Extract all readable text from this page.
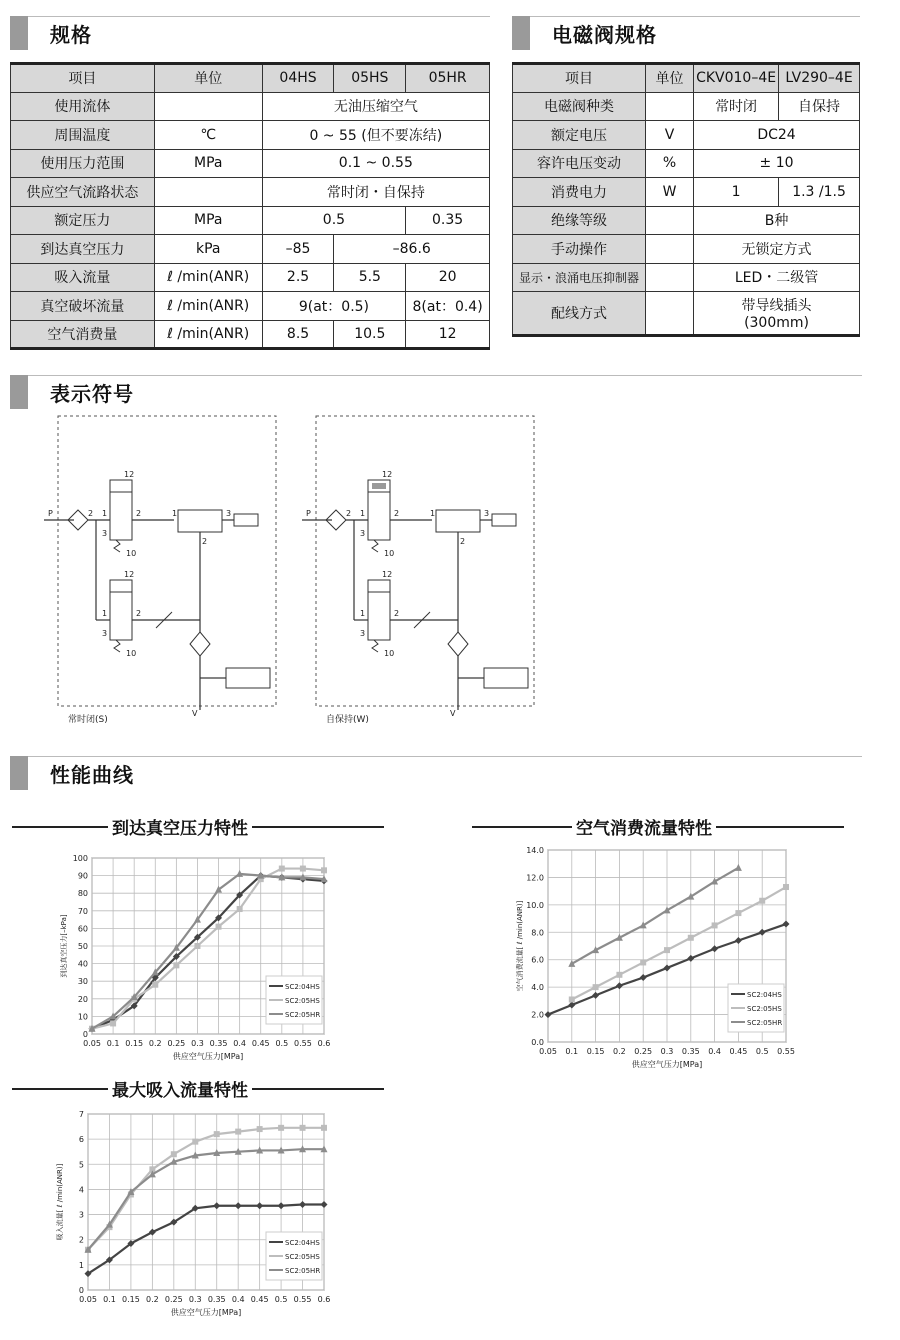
规格
项目	单位	04HS	05HS	05HR
使用流体		无油压缩空气		
周围温度	℃	0 ~ 55 (但不要冻结)		
使用压力范围	MPa	0.1 ~ 0.55		
供应空气流路状态		常时闭・自保持		
额定压力	MPa	0.5		0.35
到达真空压力	kPa	–85	–86.6	
吸入流量	ℓ /min(ANR)	2.5	5.5	20
真空破坏流量	ℓ /min(ANR)	9(at：0.5)		8(at：0.4)
空气消费量	ℓ /min(ANR)	8.5	10.5	12
电磁阀规格
项目	单位	CKV010–4E	LV290–4E
电磁阀种类		常时闭	自保持
额定电压	V	DC24	
容许电压变动	%	± 10	
消费电力	W	1	1.3 /1.5
绝缘等级		B种	
手动操作		无锁定方式	
显示・浪涌电压抑制器		LED・二级管	
配线方式		带导线插头
(300mm)	
表示符号
P
12
1
2
3
10
2	1	3
2
12
1
3
10
2
V
常时闭(S)
P
12
1
2
3
10
2	1	3
2
12
1
3
10
2
V
自保持(W)
性能曲线
到达真空压力特性	空气消费流量特性
最大吸入流量特性
0.05 0.1 0.15 0.2 0.25 0.3 0.35 0.4 0.45 0.5 0.55 0.6
0
10
20
30
40
50
60
70
80
90
100
供应空气压力[MPa]
到达真空压力[–kPa]
SC2:04HS
SC2:05HS
SC2:05HR
0.05 0.1 0.15 0.2 0.25 0.3 0.35 0.4 0.45 0.5 0.55
0.0
2.0
4.0
6.0
8.0
10.0
12.0
14.0
供应空气压力[MPa]
空气消费流量[ ℓ /min(ANR)]
SC2:04HS
SC2:05HS
SC2:05HR
0.05 0.1 0.15 0.2 0.25 0.3 0.35 0.4 0.45 0.5 0.55 0.6
0
1
2
3
4
5
6
7
供应空气压力[MPa]
吸入流量[ ℓ /min(ANR)]
SC2:04HS
SC2:05HS
SC2:05HR
